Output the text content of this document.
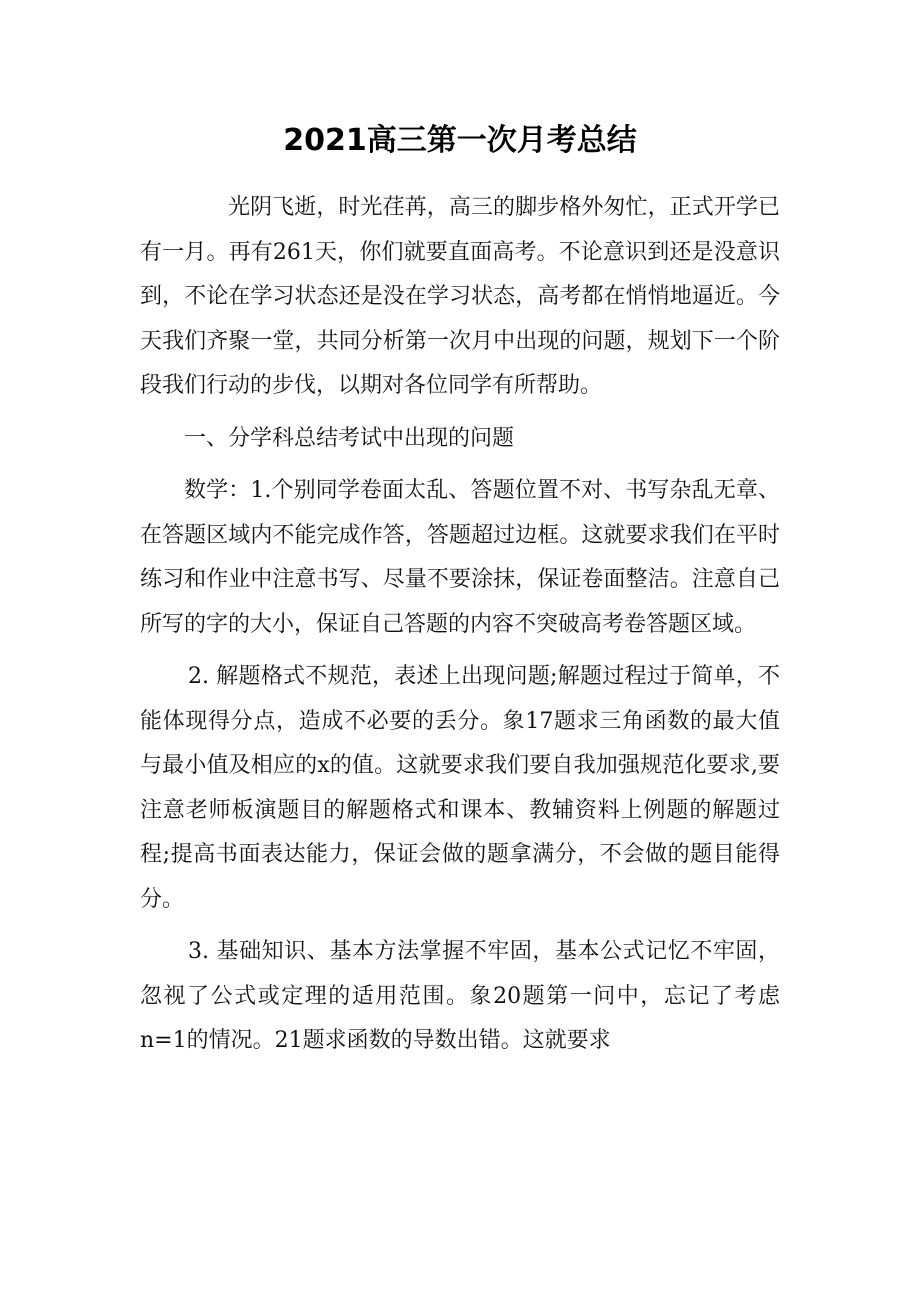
2021高三第一次月考总结

光阴飞逝，时光荏苒，高三的脚步格外匆忙，正式开学已有一月。再有261天，你们就要直面高考。不论意识到还是没意识到，不论在学习状态还是没在学习状态，高考都在悄悄地逼近。今天我们齐聚一堂，共同分析第一次月中出现的问题，规划下一个阶段我们行动的步伐，以期对各位同学有所帮助。

一、分学科总结考试中出现的问题

数学：1.个别同学卷面太乱、答题位置不对、书写杂乱无章、在答题区域内不能完成作答，答题超过边框。这就要求我们在平时练习和作业中注意书写、尽量不要涂抹，保证卷面整洁。注意自己所写的字的大小，保证自己答题的内容不突破高考卷答题区域。

2. 解题格式不规范，表述上出现问题;解题过程过于简单，不能体现得分点，造成不必要的丢分。象17题求三角函数的最大值与最小值及相应的x的值。这就要求我们要自我加强规范化要求,要注意老师板演题目的解题格式和课本、教辅资料上例题的解题过程;提高书面表达能力，保证会做的题拿满分，不会做的题目能得分。

3. 基础知识、基本方法掌握不牢固，基本公式记忆不牢固，忽视了公式或定理的适用范围。象20题第一问中，忘记了考虑n=1的情况。21题求函数的导数出错。这就要求
